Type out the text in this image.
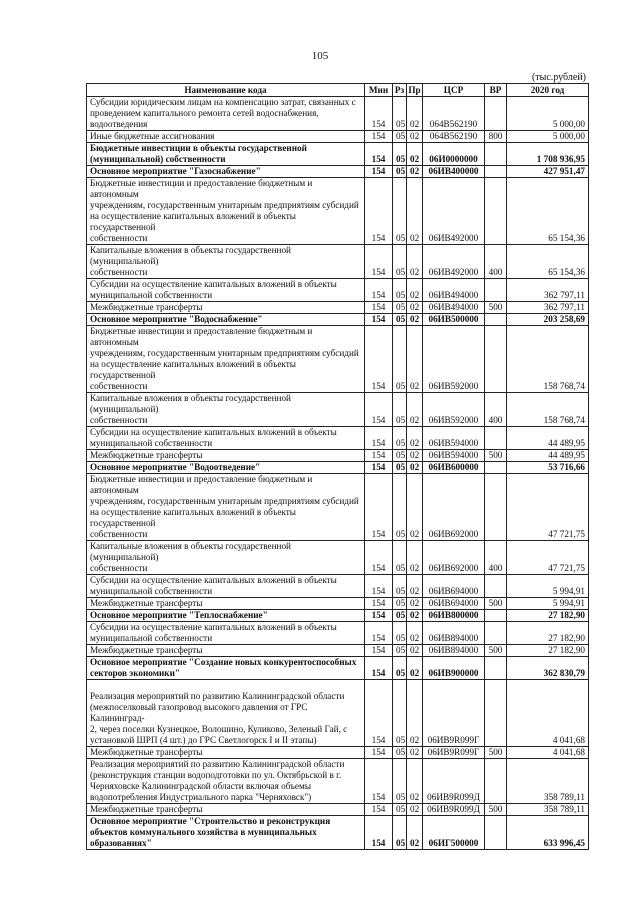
105
(тыс.рублей)
Наименование кода	Мин	Рз	Пр	ЦСР	ВР	2020 год

Субсидии юридическим лицам на компенсацию затрат, связанных с
проведением капитального ремонта сетей водоснабжения,
водоотведения	154	05	02	064B562190		5 000,00

Иные бюджетные ассигнования	154	05	02	064B562190	800	5 000,00

Бюджетные инвестиции в объекты государственной
(муниципальной) собственности	154	05	02	06И0000000		1 708 936,95

Основное мероприятие "Газоснабжение"	154	05	02	06ИВ400000		427 951,47

Бюджетные инвестиции и предоставление бюджетным и автономным
учреждениям, государственным унитарным предприятиям субсидий
на осуществление капитальных вложений в объекты государственной
собственности	154	05	02	06ИВ492000		65 154,36

Капитальные вложения в объекты государственной (муниципальной)
собственности	154	05	02	06ИВ492000	400	65 154,36

Субсидии на осуществление капитальных вложений в объекты
муниципальной собственности	154	05	02	06ИВ494000		362 797,11

Межбюджетные трансферты	154	05	02	06ИВ494000	500	362 797,11

Основное мероприятие "Водоснабжение"	154	05	02	06ИВ500000		203 258,69

Бюджетные инвестиции и предоставление бюджетным и автономным
учреждениям, государственным унитарным предприятиям субсидий
на осуществление капитальных вложений в объекты государственной
собственности	154	05	02	06ИВ592000		158 768,74

Капитальные вложения в объекты государственной (муниципальной)
собственности	154	05	02	06ИВ592000	400	158 768,74

Субсидии на осуществление капитальных вложений в объекты
муниципальной собственности	154	05	02	06ИВ594000		44 489,95

Межбюджетные трансферты	154	05	02	06ИВ594000	500	44 489,95

Основное мероприятие "Водоотведение"	154	05	02	06ИВ600000		53 716,66

Бюджетные инвестиции и предоставление бюджетным и автономным
учреждениям, государственным унитарным предприятиям субсидий
на осуществление капитальных вложений в объекты государственной
собственности	154	05	02	06ИВ692000		47 721,75

Капитальные вложения в объекты государственной (муниципальной)
собственности	154	05	02	06ИВ692000	400	47 721,75

Субсидии на осуществление капитальных вложений в объекты
муниципальной собственности	154	05	02	06ИВ694000		5 994,91

Межбюджетные трансферты	154	05	02	06ИВ694000	500	5 994,91

Основное мероприятие "Теплоснабжение"	154	05	02	06ИВ800000		27 182,90

Субсидии на осуществление капитальных вложений в объекты
муниципальной собственности	154	05	02	06ИВ894000		27 182,90

Межбюджетные трансферты	154	05	02	06ИВ894000	500	27 182,90

Основное мероприятие "Создание новых конкурентоспособных
секторов экономики"	154	05	02	06ИВ900000		362 830,79

Реализация мероприятий по развитию Калининградской области
(межпоселковый газопровод высокого давления от ГРС Калининград-
2, через поселки Кузнецкое, Волошино, Куликово, Зеленый Гай, с
установкой ШРП (4 шт.) до ГРС Светлогорск I и II этапы)	154	05	02	06ИВ9R099Г		4 041,68

Межбюджетные трансферты	154	05	02	06ИВ9R099Г	500	4 041,68

Реализация мероприятий по развитию Калининградской области
(реконструкция станции водоподготовки по ул. Октябрьской в г.
Черняховске Калининградской области включая объемы
водопотребления Индустриального парка "Черняховск")	154	05	02	06ИВ9R099Д		358 789,11

Межбюджетные трансферты	154	05	02	06ИВ9R099Д	500	358 789,11

Основное мероприятие "Строительство и реконструкция
объектов коммунального хозяйства в муниципальных
образованиях"	154	05	02	06ИГ500000		633 996,45
